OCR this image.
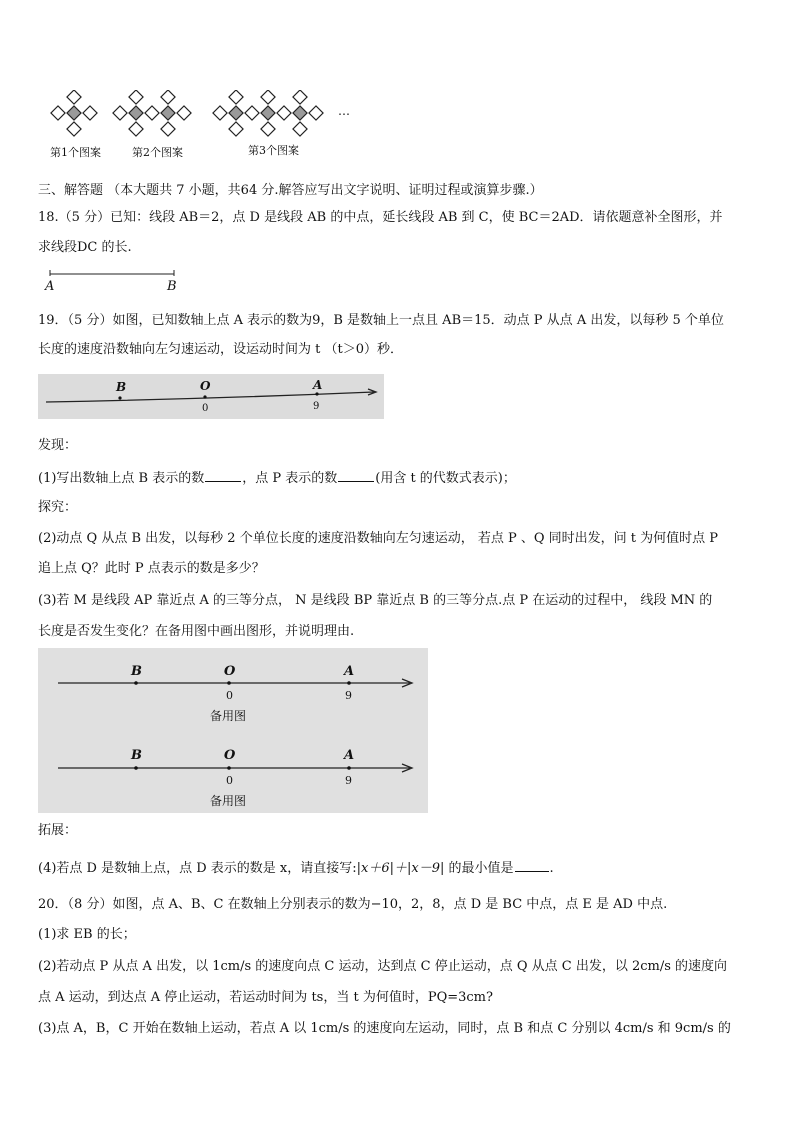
第1个图案	第2个图案	第3个图案
…
三、解答题 （本大题共 7 小题，共64 分.解答应写出文字说明、证明过程或演算步骤.）
18.（5 分）已知：线段 AB＝2，点 D 是线段 AB 的中点，延长线段 AB 到 C，使 BC＝2AD．请依题意补全图形，并
求线段DC 的长.
A	B
19．（5 分）如图，已知数轴上点 A 表示的数为9，B 是数轴上一点且 AB＝15．动点 P 从点 A 出发，以每秒 5 个单位
长度的速度沿数轴向左匀速运动，设运动时间为 t （t＞0）秒．
B	O	A
0	9
发现：
(1)写出数轴上点 B 表示的数	，点 P 表示的数	(用含 t 的代数式表示)；
探究：
(2)动点 Q 从点 B 出发，以每秒 2 个单位长度的速度沿数轴向左匀速运动， 若点 P 、Q 同时出发，问 t 为何值时点 P
追上点 Q？此时 P 点表示的数是多少？
(3)若 M 是线段 AP 靠近点 A 的三等分点， N 是线段 BP 靠近点 B 的三等分点.点 P 在运动的过程中， 线段 MN 的
长度是否发生变化？在备用图中画出图形，并说明理由.
B	O	A
0	9
备用图
B	O	A
0	9
备用图
拓展：
(4)若点 D 是数轴上点，点 D 表示的数是 x，请直接写:|x＋6|＋|x－9| 的最小值是	.
20．（8 分）如图，点 A、B、C 在数轴上分别表示的数为−10，2，8，点 D 是 BC 中点，点 E 是 AD 中点.
(1)求 EB 的长；
(2)若动点 P 从点 A 出发，以 1cm/s 的速度向点 C 运动，达到点 C 停止运动，点 Q 从点 C 出发，以 2cm/s 的速度向
点 A 运动，到达点 A 停止运动，若运动时间为 ts，当 t 为何值时，PQ=3cm?
(3)点 A，B，C 开始在数轴上运动，若点 A 以 1cm/s 的速度向左运动，同时，点 B 和点 C 分别以 4cm/s 和 9cm/s 的
